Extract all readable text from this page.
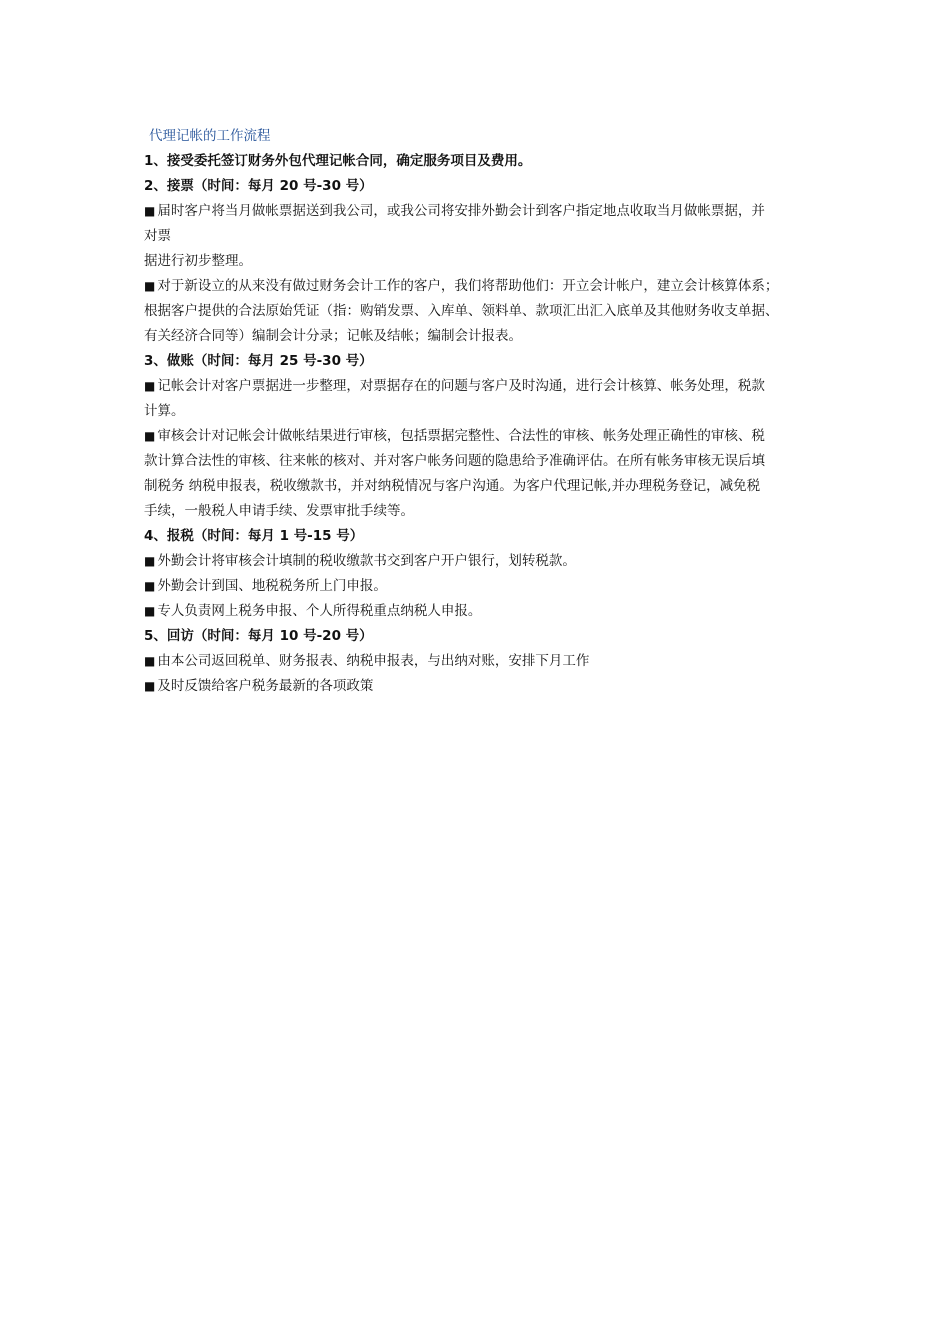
代理记帐的工作流程
1、接受委托签订财务外包代理记帐合同，确定服务项目及费用。
2、接票（时间：每月 20 号-30 号）
■ 届时客户将当月做帐票据送到我公司，或我公司将安排外勤会计到客户指定地点收取当月做帐票据，并
对票
据进行初步整理。
■ 对于新设立的从来没有做过财务会计工作的客户，我们将帮助他们：开立会计帐户，建立会计核算体系；
根据客户提供的合法原始凭证（指：购销发票、入库单、领料单、款项汇出汇入底单及其他财务收支单据、
有关经济合同等）编制会计分录；记帐及结帐；编制会计报表。
3、做账（时间：每月 25 号-30 号）
■ 记帐会计对客户票据进一步整理，对票据存在的问题与客户及时沟通，进行会计核算、帐务处理，税款
计算。
■ 审核会计对记帐会计做帐结果进行审核，包括票据完整性、合法性的审核、帐务处理正确性的审核、税
款计算合法性的审核、往来帐的核对、并对客户帐务问题的隐患给予准确评估。在所有帐务审核无误后填
制税务 纳税申报表，税收缴款书，并对纳税情况与客户沟通。为客户代理记帐,并办理税务登记，减免税
手续，一般税人申请手续、发票审批手续等。
4、报税（时间：每月 1 号-15 号）
■ 外勤会计将审核会计填制的税收缴款书交到客户开户银行，划转税款。
■ 外勤会计到国、地税税务所上门申报。
■ 专人负责网上税务申报、个人所得税重点纳税人申报。
5、回访（时间：每月 10 号-20 号）
■ 由本公司返回税单、财务报表、纳税申报表，与出纳对账，安排下月工作
■ 及时反馈给客户税务最新的各项政策
